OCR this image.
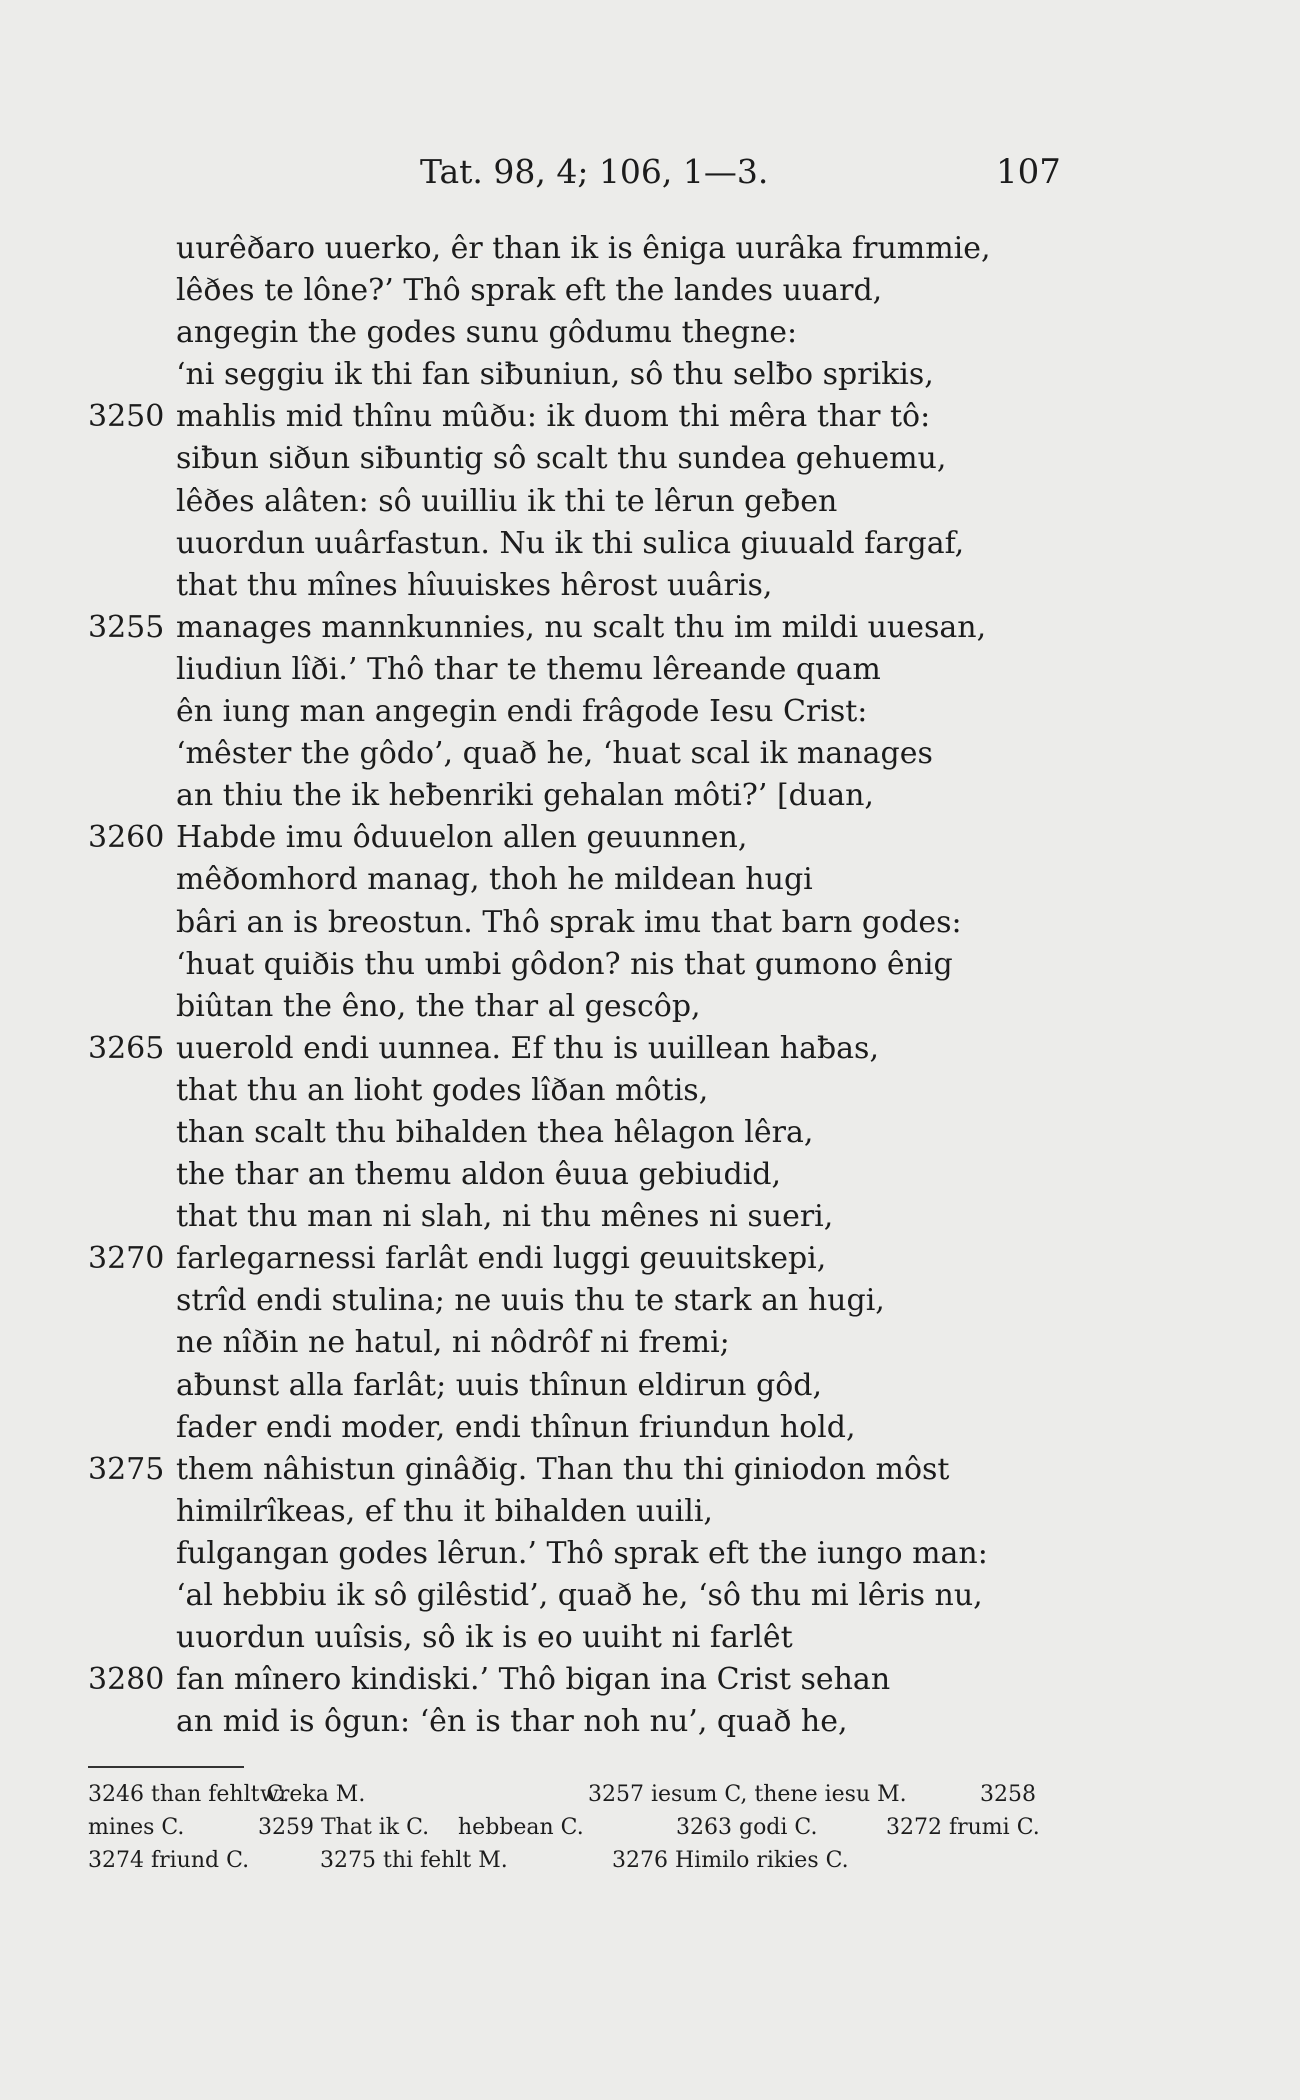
Tat. 98, 4; 106, 1—3.	107
uurêðaro uuerko, êr than ik is êniga uurâka frummie,
lêðes te lône?’ Thô sprak eft the landes uuard,
angegin the godes sunu gôdumu thegne:
‘ni seggiu ik thi fan siƀuniun, sô thu selƀo sprikis,
3250 mahlis mid thînu mûðu: ik duom thi mêra thar tô:
siƀun siðun siƀuntig sô scalt thu sundea gehuemu,
lêðes alâten: sô uuilliu ik thi te lêrun geƀen
uuordun uuârfastun. Nu ik thi sulica giuuald fargaf,
that thu mînes hîuuiskes hêrost uuâris,
3255 manages mannkunnies, nu scalt thu im mildi uuesan,
liudiun lîði.’ Thô thar te themu lêreande quam
ên iung man angegin endi frâgode Iesu Crist:
‘mêster the gôdo’, quað he, ‘huat scal ik manages
an thiu the ik heƀenriki gehalan môti?’ [duan,
3260 Habde imu ôduuelon allen geuunnen,
mêðomhord manag, thoh he mildean hugi
bâri an is breostun. Thô sprak imu that barn godes:
‘huat quiðis thu umbi gôdon? nis that gumono ênig
biûtan the êno, the thar al gescôp,
3265 uuerold endi uunnea. Ef thu is uuillean haƀas,
that thu an lioht godes lîðan môtis,
than scalt thu bihalden thea hêlagon lêra,
the thar an themu aldon êuua gebiudid,
that thu man ni slah, ni thu mênes ni sueri,
3270 farlegarnessi farlât endi luggi geuuitskepi,
strîd endi stulina; ne uuis thu te stark an hugi,
ne nîðin ne hatul, ni nôdrôf ni fremi;
aƀunst alla farlât; uuis thînun eldirun gôd,
fader endi moder, endi thînun friundun hold,
3275 them nâhistun ginâðig. Than thu thi giniodon môst
himilrîkeas, ef thu it bihalden uuili,
fulgangan godes lêrun.’ Thô sprak eft the iungo man:
‘al hebbiu ik sô gilêstid’, quað he, ‘sô thu mi lêris nu,
uuordun uuîsis, sô ik is eo uuiht ni farlêt
3280 fan mînero kindiski.’ Thô bigan ina Crist sehan
an mid is ôgun: ‘ên is thar noh nu’, quað he,
3246 than fehlt C.
wreka M.	3257 iesum C, thene iesu M.	3258
mines C.	3259 That ik C. hebbean C.	3263 godi C.	3272 frumi C.
3274 friund C.	3275 thi fehlt M.	3276 Himilo rikies C.
